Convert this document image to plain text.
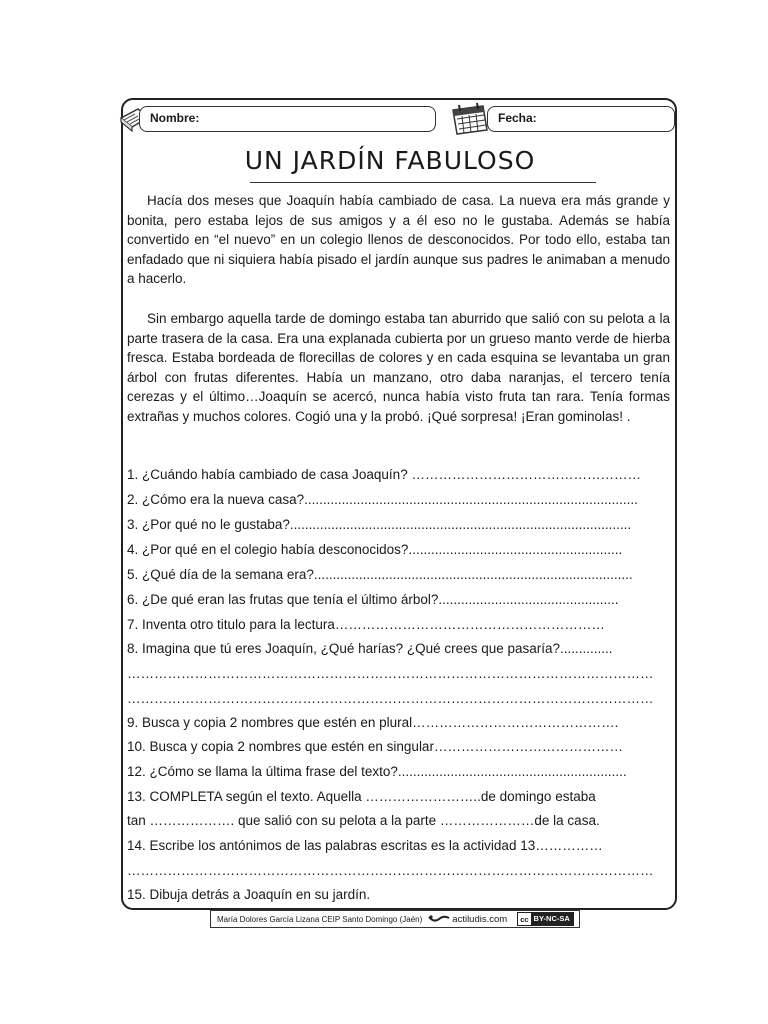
Nombre:	Fecha:
UN JARDÍN FABULOSO

Hacía dos meses que Joaquín había cambiado de casa. La nueva era más grande y bonita, pero estaba lejos de sus amigos y a él eso no le gustaba. Además se había convertido en “el nuevo” en un colegio llenos de desconocidos. Por todo ello, estaba tan enfadado que ni siquiera había pisado el jardín aunque sus padres le animaban a menudo a hacerlo.

Sin embargo aquella tarde de domingo estaba tan aburrido que salió con su pelota a la parte trasera de la casa. Era una explanada cubierta por un grueso manto verde de hierba fresca. Estaba bordeada de florecillas de colores y en cada esquina se levantaba un gran árbol con frutas diferentes. Había un manzano, otro daba naranjas, el tercero tenía cerezas y el último…Joaquín se acercó, nunca había visto fruta tan rara. Tenía formas extrañas y muchos colores. Cogió una y la probó. ¡Qué sorpresa! ¡Eran gominolas! .

1. ¿Cuándo había cambiado de casa Joaquín? ……………………………………………
2. ¿Cómo era la nueva casa?.........................................................................................
3. ¿Por qué no le gustaba?...........................................................................................
4. ¿Por qué en el colegio había desconocidos?.........................................................
5. ¿Qué día de la semana era?.....................................................................................
6. ¿De qué eran las frutas que tenía el último árbol?................................................
7. Inventa otro titulo para la lectura……………………………………………………
8. Imagina que tú eres Joaquín, ¿Qué harías? ¿Qué crees que pasaría?..............
………………………………………………………………………………………………………
………………………………………………………………………………………………………
9. Busca y copia 2 nombres que estén en plural……………………………………….
10. Busca y copia 2 nombres que estén en singular……………………………………
12. ¿Cómo se llama la última frase del texto?.............................................................
13. COMPLETA según el texto. Aquella ……………………..de domingo estaba
tan ………………. que salió con su pelota a la parte …………………de la casa.
14. Escribe los antónimos de las palabras escritas es la actividad 13……………
………………………………………………………………………………………………………
15. Dibuja detrás a Joaquín en su jardín.
María Dolores García Lizana CEIP Santo Domingo (Jaén)	actiludis.com cc BY-NC-SA
